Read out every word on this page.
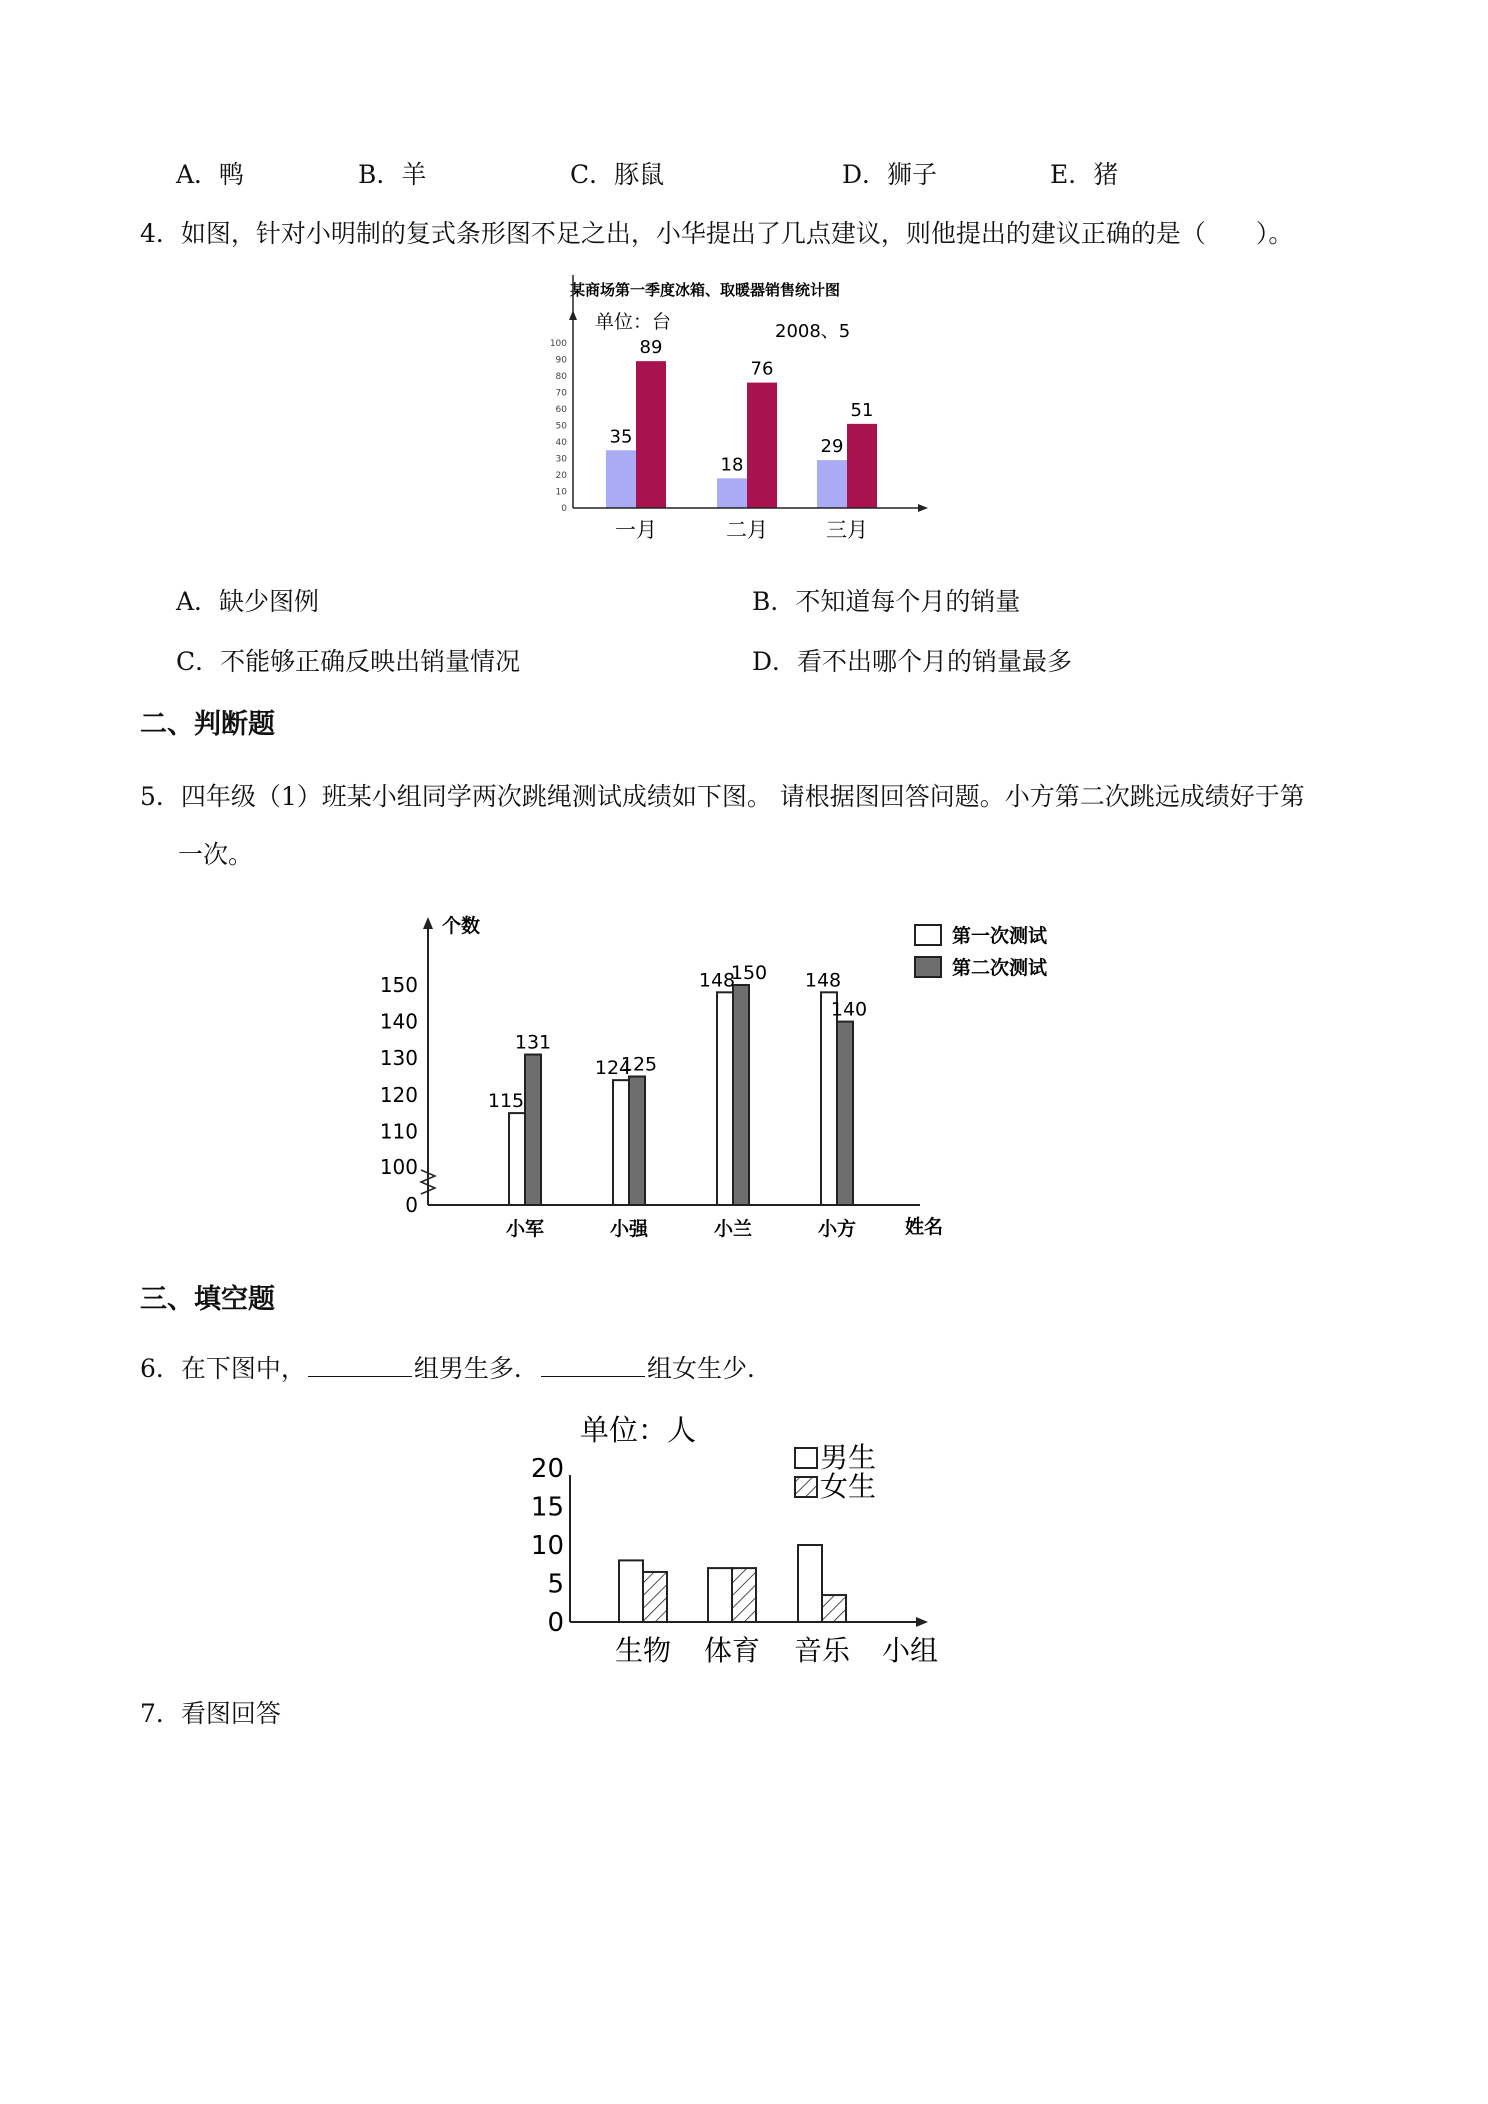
A．鸭	B．羊	C．豚鼠	D．狮子	E．猪
4．如图，针对小明制的复式条形图不足之出，小华提出了几点建议，则他提出的建议正确的是（　　）。
某商场第一季度冰箱、取暖器销售统计图
单位：台	2008、5
0
10
20
30
40
50
60
70
80
90
100
35
89
18
76
29
51
一月	二月	三月
A．缺少图例	B．不知道每个月的销量
C．不能够正确反映出销量情况	D．看不出哪个月的销量最多
二、判断题
5．四年级（1）班某小组同学两次跳绳测试成绩如下图。 请根据图回答问题。小方第二次跳远成绩好于第
一次。
个数
姓名
0
100
110
120
130
140
150
115
131
124
125
148
150 148
140
小军	小强	小兰	小方
第一次测试
第二次测试
三、填空题
6．在下图中，	组男生多．	组女生少．
单位：人
小组
0
5
10
15
20
生物 体育 音乐
男生
女生
7．看图回答
